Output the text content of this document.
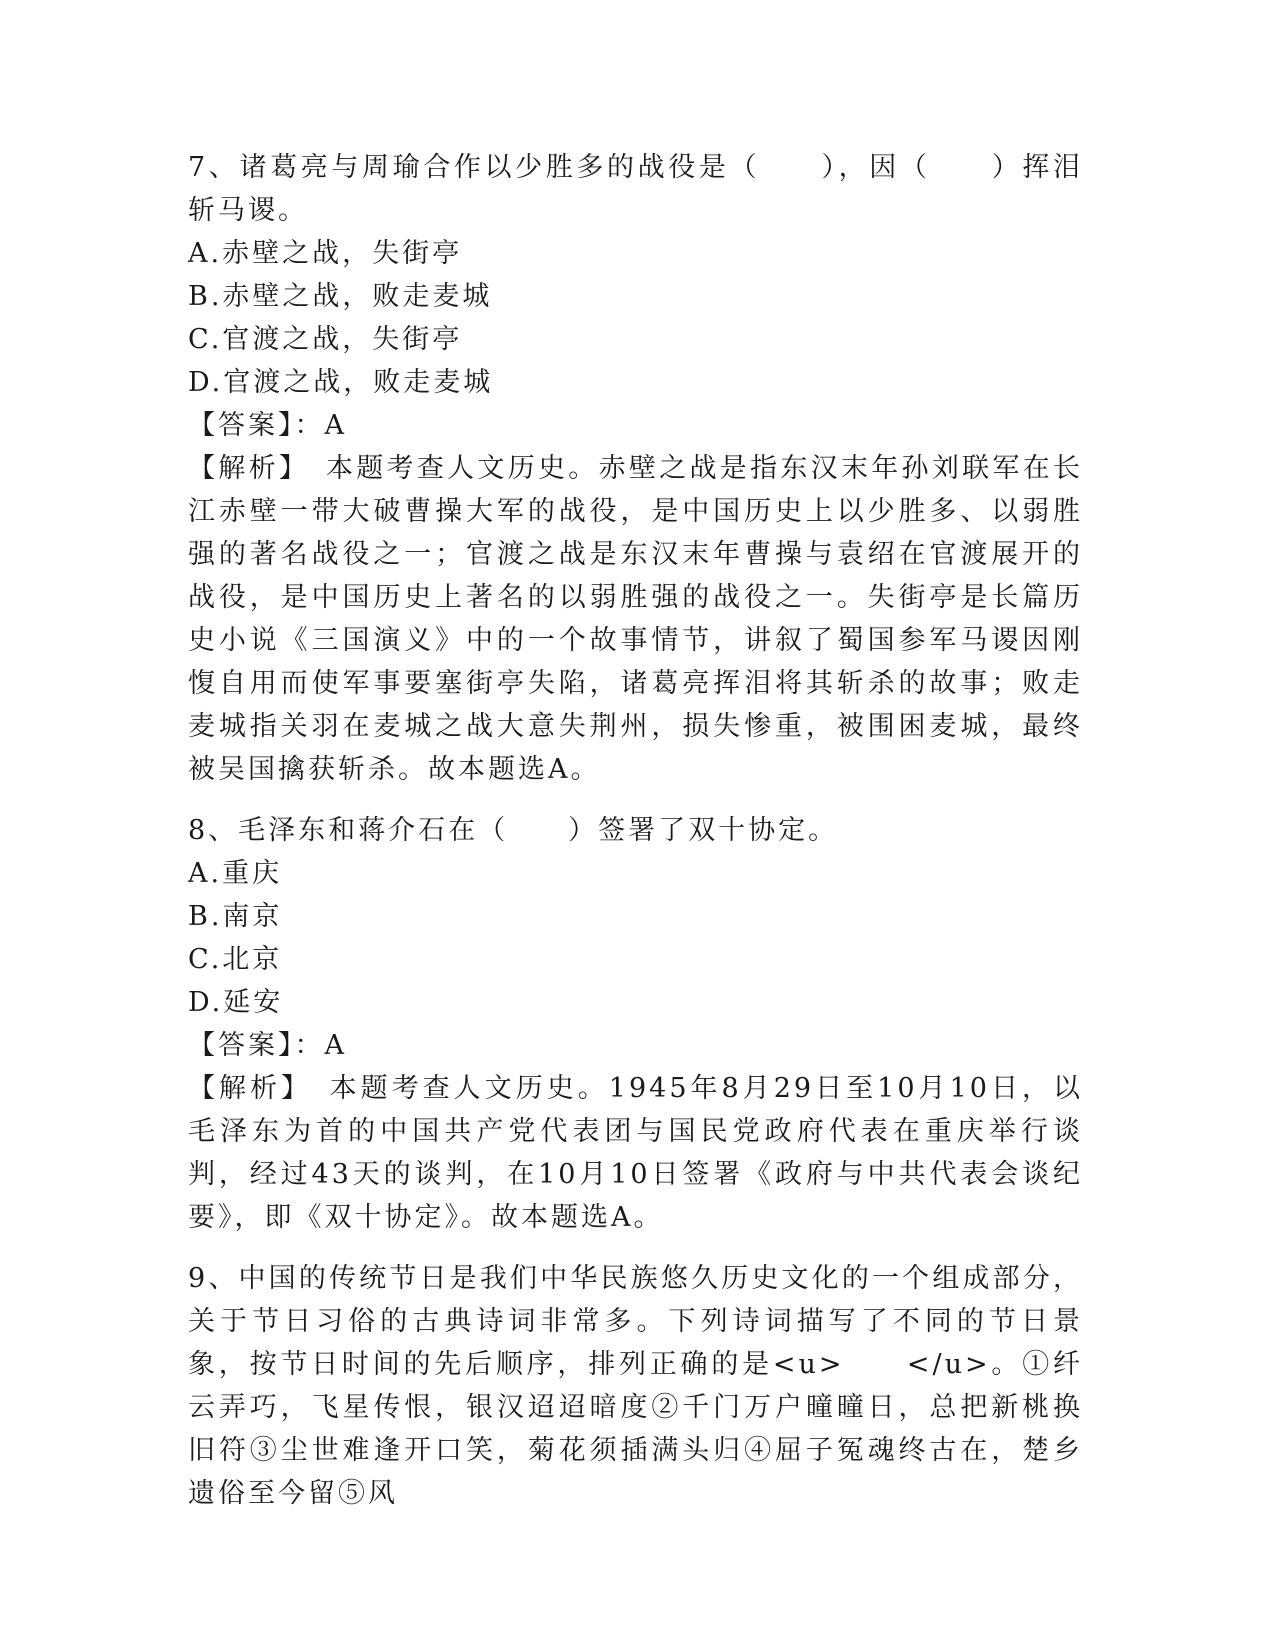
7、诸葛亮与周瑜合作以少胜多的战役是（　　），因（　　）挥泪斩马谡。

A.赤壁之战，失街亭

B.赤壁之战，败走麦城

C.官渡之战，失街亭

D.官渡之战，败走麦城

【答案】：A

【解析】　本题考查人文历史。赤壁之战是指东汉末年孙刘联军在长江赤壁一带大破曹操大军的战役，是中国历史上以少胜多、以弱胜强的著名战役之一；官渡之战是东汉末年曹操与袁绍在官渡展开的战役，是中国历史上著名的以弱胜强的战役之一。失街亭是长篇历史小说《三国演义》中的一个故事情节，讲叙了蜀国参军马谡因刚愎自用而使军事要塞街亭失陷，诸葛亮挥泪将其斩杀的故事；败走麦城指关羽在麦城之战大意失荆州，损失惨重，被围困麦城，最终被吴国擒获斩杀。故本题选A。

8、毛泽东和蒋介石在（　　）签署了双十协定。

A.重庆

B.南京

C.北京

D.延安

【答案】：A

【解析】　本题考查人文历史。1945年8月29日至10月10日，以毛泽东为首的中国共产党代表团与国民党政府代表在重庆举行谈判，经过43天的谈判，在10月10日签署《政府与中共代表会谈纪要》，即《双十协定》。故本题选A。

9、中国的传统节日是我们中华民族悠久历史文化的一个组成部分，关于节日习俗的古典诗词非常多。下列诗词描写了不同的节日景象，按节日时间的先后顺序，排列正确的是<u>　　</u>。①纤云弄巧，飞星传恨，银汉迢迢暗度②千门万户曈曈日，总把新桃换旧符③尘世难逢开口笑，菊花须插满头归④屈子冤魂终古在，楚乡遗俗至今留⑤风
